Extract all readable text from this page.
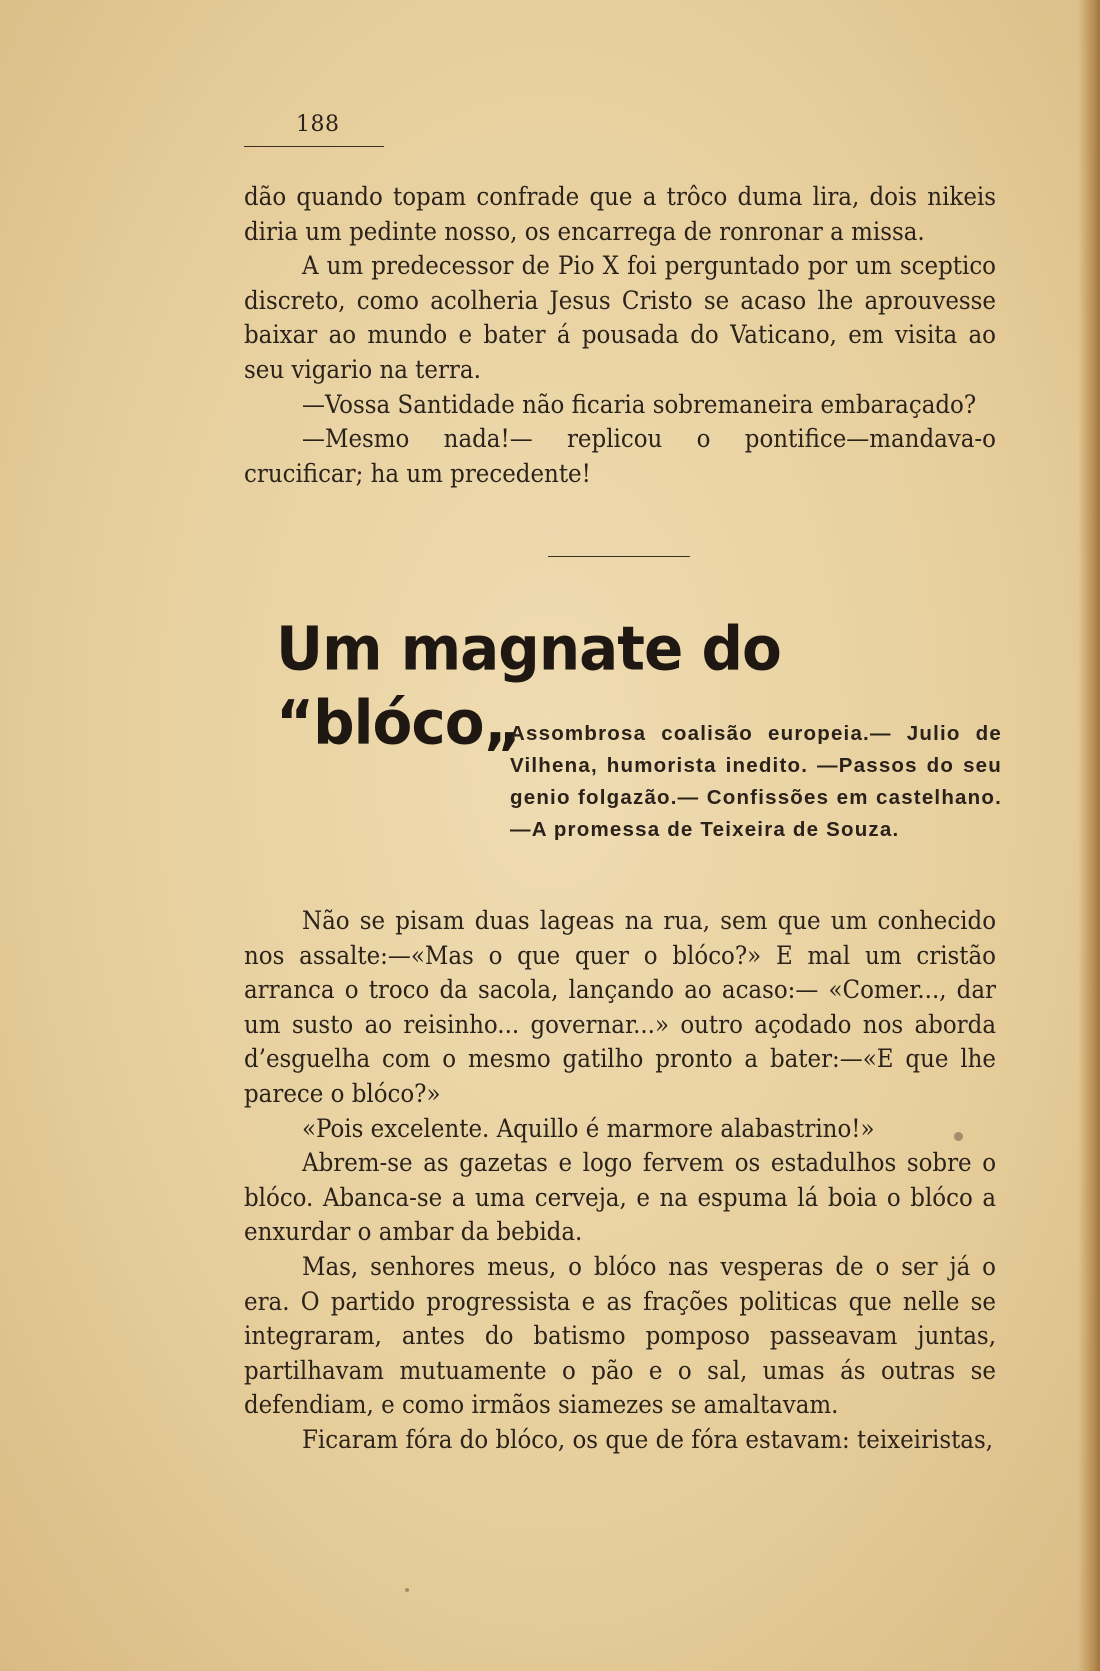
188

dão quando topam confrade que a trôco duma lira, dois nikeis diria um pedinte nosso, os encarrega de ronronar a missa.

A um predecessor de Pio X foi perguntado por um sceptico discreto, como acolheria Jesus Cristo se acaso lhe aprouvesse baixar ao mundo e bater á pousada do Vaticano, em visita ao seu vigario na terra.

—Vossa Santidade não ficaria sobremaneira embaraçado?

—Mesmo nada!— replicou o pontifice—mandava-o crucificar; ha um precedente!

Um magnate do “blóco„

Assombrosa coalisão europeia.— Julio de Vilhena, humorista inedito. —Passos do seu genio folgazão.— Confissões em castelhano.—A promessa de Teixeira de Souza.

Não se pisam duas lageas na rua, sem que um conhecido nos assalte:—«Mas o que quer o blóco?» E mal um cristão arranca o troco da sacola, lançando ao acaso:— «Comer..., dar um susto ao reisinho... governar...» outro açodado nos aborda d’esguelha com o mesmo gatilho pronto a bater:—«E que lhe parece o blóco?»

«Pois excelente. Aquillo é marmore alabastrino!»

Abrem-se as gazetas e logo fervem os estadulhos sobre o blóco. Abanca-se a uma cerveja, e na espuma lá boia o blóco a enxurdar o ambar da bebida.

Mas, senhores meus, o blóco nas vesperas de o ser já o era. O partido progressista e as frações politicas que nelle se integraram, antes do batismo pomposo passeavam juntas, partilhavam mutuamente o pão e o sal, umas ás outras se defendiam, e como irmãos siamezes se amaltavam.

Ficaram fóra do blóco, os que de fóra estavam: teixeiristas,
